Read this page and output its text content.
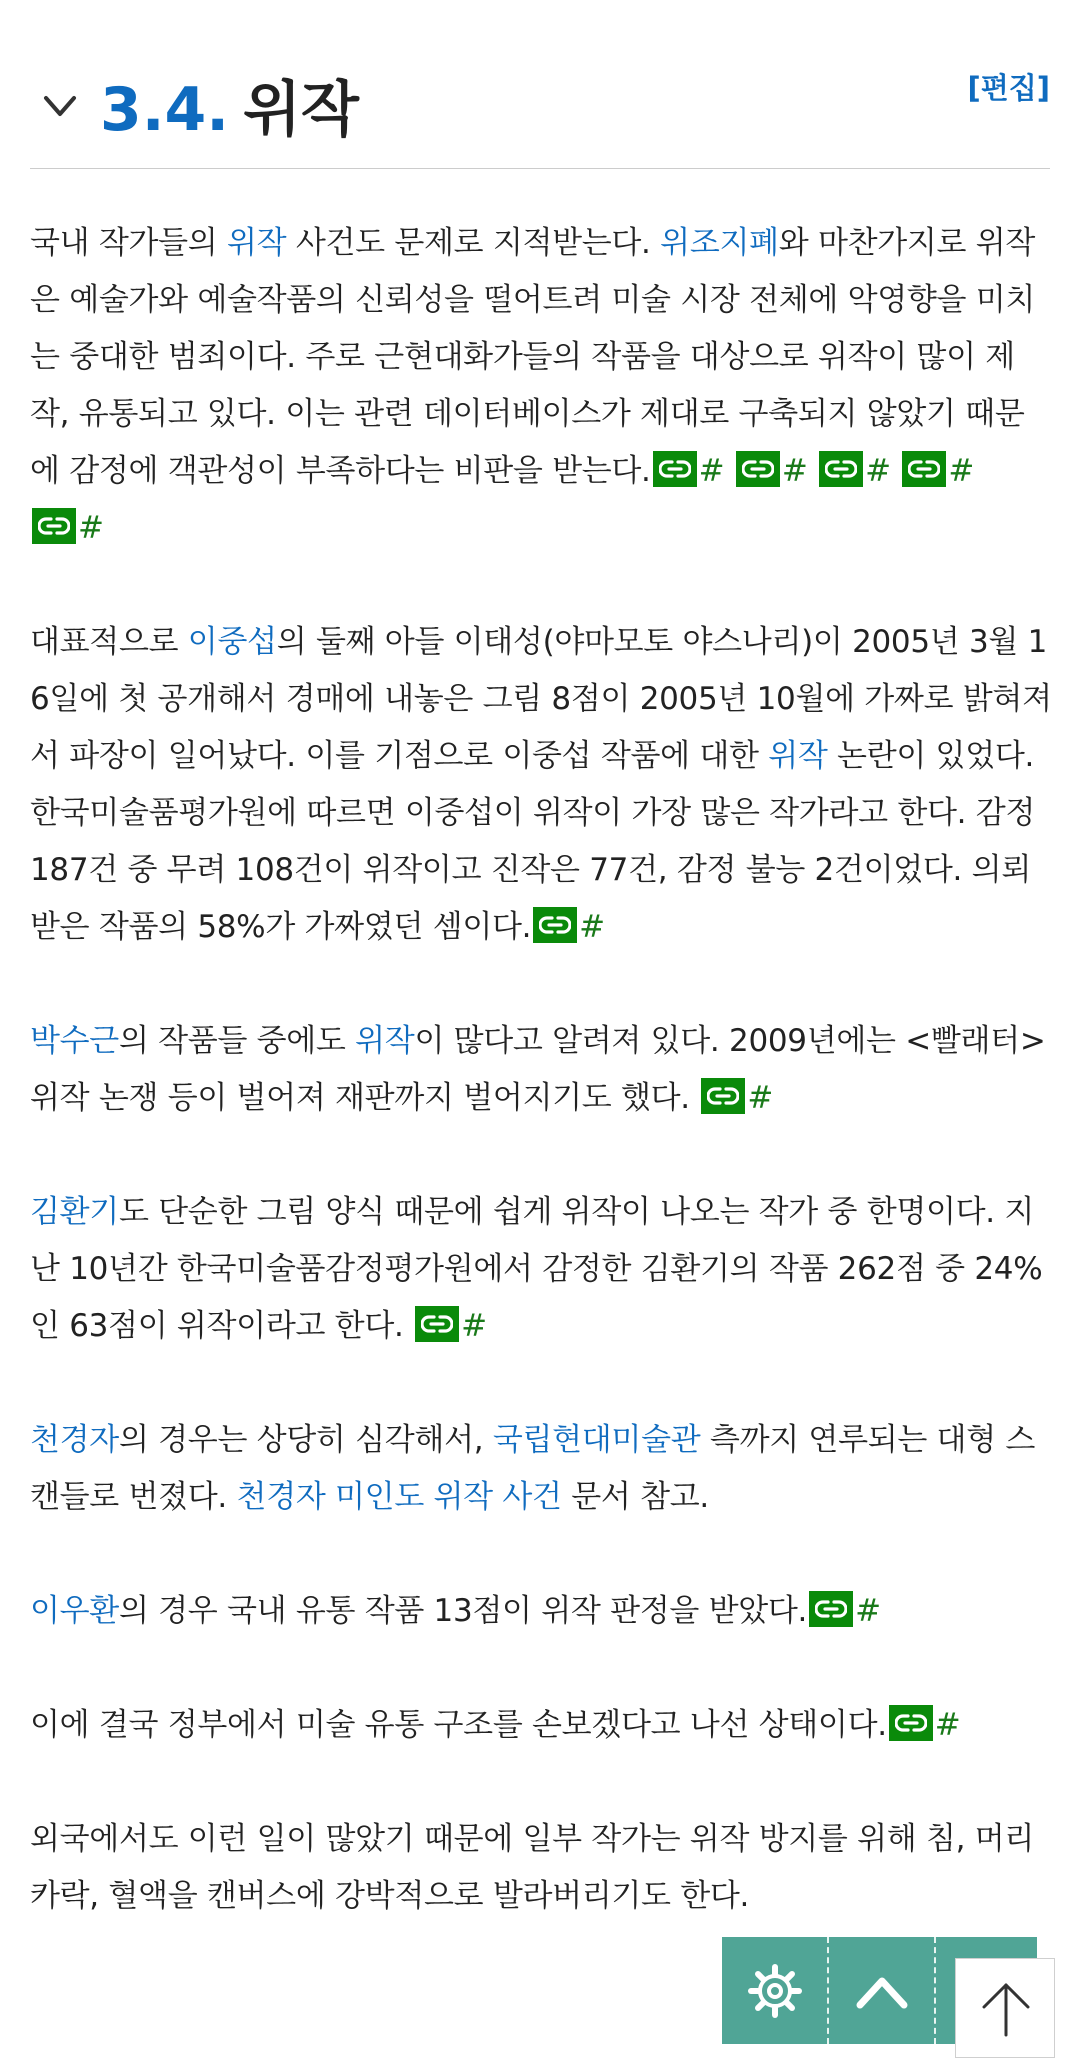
3.4. 위작	[편집]

국내 작가들의 위작 사건도 문제로 지적받는다. 위조지폐와 마찬가지로 위작은 예술가와 예술작품의 신뢰성을 떨어트려 미술 시장 전체에 악영향을 미치는 중대한 범죄이다. 주로 근현대화가들의 작품을 대상으로 위작이 많이 제작, 유통되고 있다. 이는 관련 데이터베이스가 제대로 구축되지 않았기 때문에 감정에 객관성이 부족하다는 비판을 받는다. # # # #
#

대표적으로 이중섭의 둘째 아들 이태성(야마모토 야스나리)이 2005년 3월 16일에 첫 공개해서 경매에 내놓은 그림 8점이 2005년 10월에 가짜로 밝혀져서 파장이 일어났다. 이를 기점으로 이중섭 작품에 대한 위작 논란이 있었다. 한국미술품평가원에 따르면 이중섭이 위작이 가장 많은 작가라고 한다. 감정 187건 중 무려 108건이 위작이고 진작은 77건, 감정 불능 2건이었다. 의뢰받은 작품의 58%가 가짜였던 셈이다. #

박수근의 작품들 중에도 위작이 많다고 알려져 있다. 2009년에는 <빨래터> 위작 논쟁 등이 벌어져 재판까지 벌어지기도 했다.
#

김환기도 단순한 그림 양식 때문에 쉽게 위작이 나오는 작가 중 한명이다. 지난 10년간 한국미술품감정평가원에서 감정한 김환기의 작품 262점 중 24%인 63점이 위작이라고 한다.
#

천경자의 경우는 상당히 심각해서, 국립현대미술관 측까지 연루되는 대형 스캔들로 번졌다. 천경자 미인도 위작 사건 문서 참고.

이우환의 경우 국내 유통 작품 13점이 위작 판정을 받았다. #

이에 결국 정부에서 미술 유통 구조를 손보겠다고 나선 상태이다. #

외국에서도 이런 일이 많았기 때문에 일부 작가는 위작 방지를 위해 침, 머리카락, 혈액을 캔버스에 강박적으로 발라버리기도 한다.
